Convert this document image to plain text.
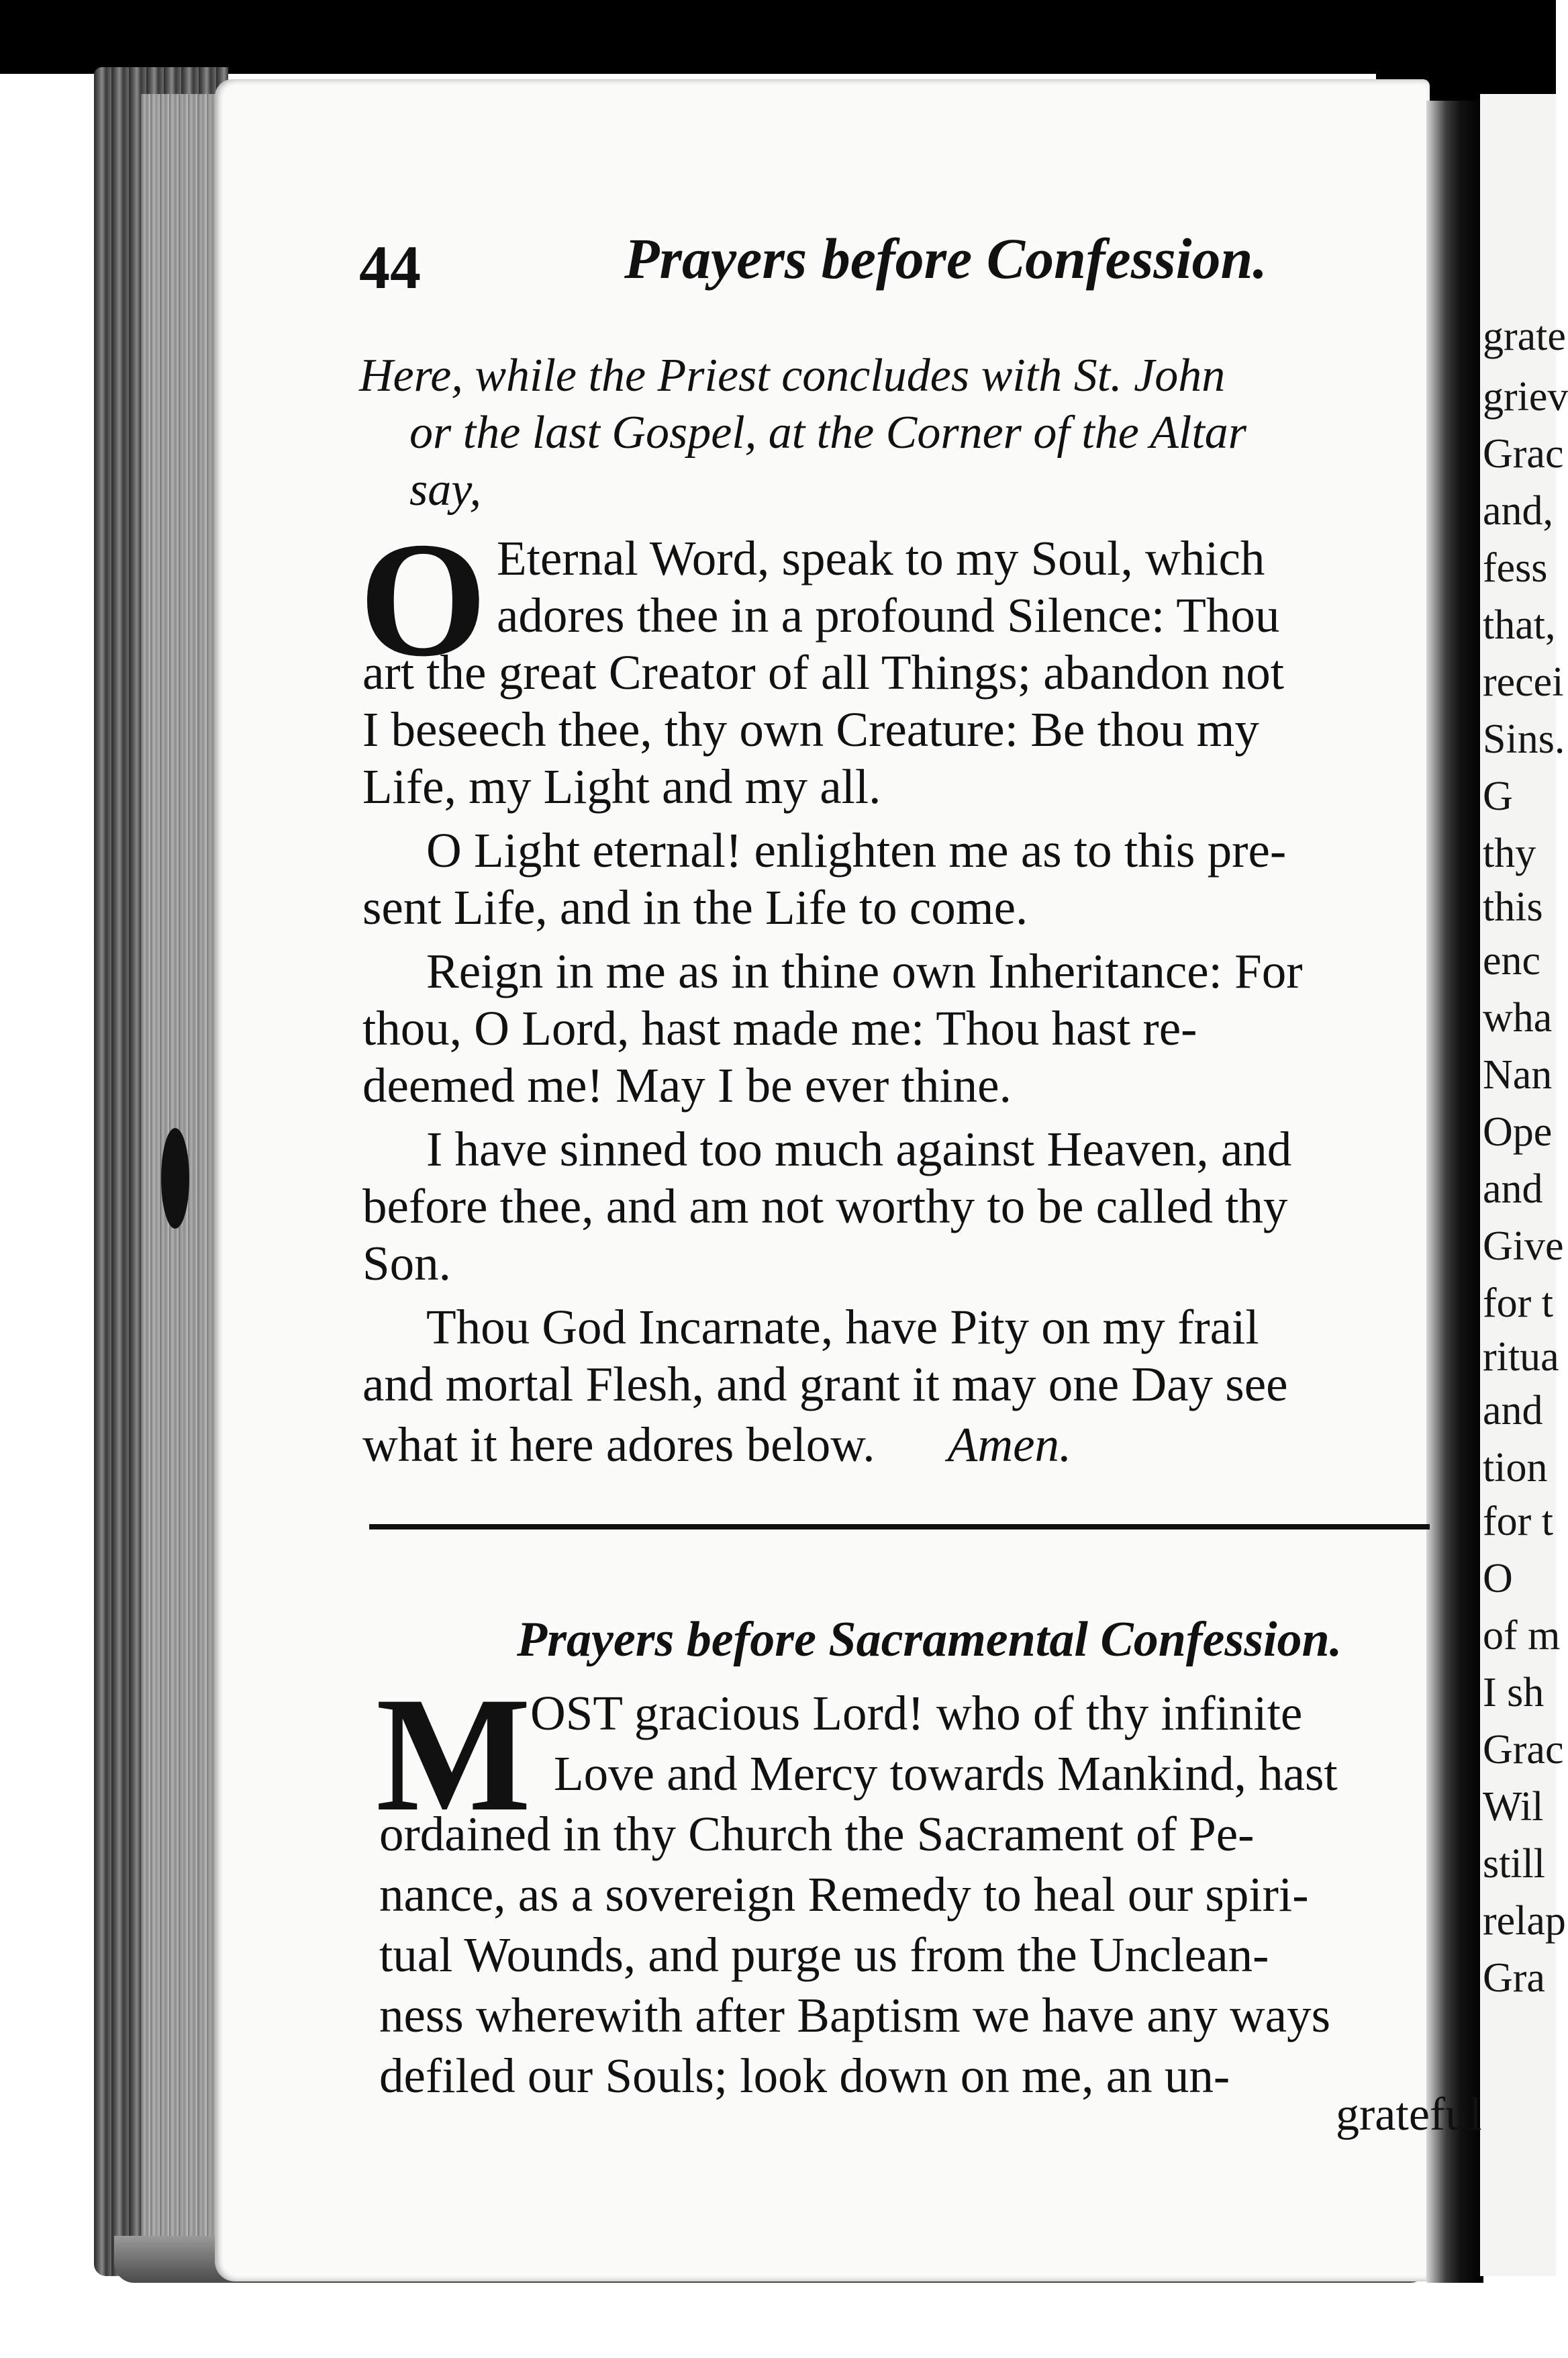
grate
griev
Grac
and,
fess
that,
recei
Sins.
G
thy
this
enc
wha
Nan
Ope
and
Give
for t
ritua
and
tion
for t
O
of m
I sh
Grac
Wil
still
relap
Gra
44	Prayers before Confession.
Here, while the Priest concludes with St. John
or the last Gospel, at the Corner of the Altar
say,
O Eternal Word, speak to my Soul, which
adores thee in a profound Silence: Thou
art the great Creator of all Things; abandon not
I beseech thee, thy own Creature: Be thou my
Life, my Light and my all.
O Light eternal! enlighten me as to this pre-
sent Life, and in the Life to come.
Reign in me as in thine own Inheritance: For
thou, O Lord, hast made me: Thou hast re-
deemed me! May I be ever thine.
I have sinned too much against Heaven, and
before thee, and am not worthy to be called thy
Son.
Thou God Incarnate, have Pity on my frail
and mortal Flesh, and grant it may one Day see
what it here adores below. Amen.
Prayers before Sacramental Confession.
M
OST gracious Lord! who of thy infinite
Love and Mercy towards Mankind, hast
ordained in thy Church the Sacrament of Pe-
nance, as a sovereign Remedy to heal our spiri-
tual Wounds, and purge us from the Unclean-
ness wherewith after Baptism we have any ways
defiled our Souls; look down on me, an un-
grateful
